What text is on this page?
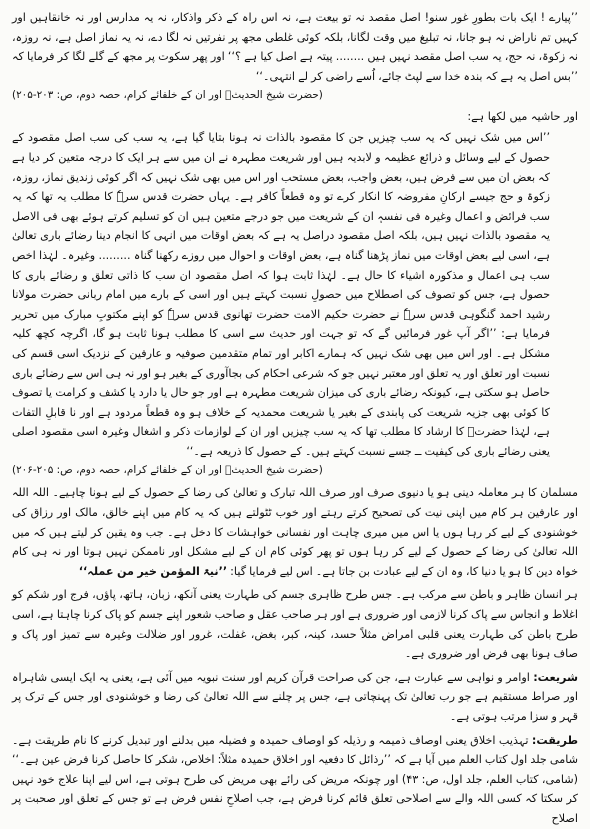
’’پیارے ! ایک بات بطورِ غور سنو! اصل مقصد نہ تو بیعت ہے، نہ اس راہ کے ذکر واذکار، نہ یہ مدارس اور نہ خانقاہیں اور کہیں تم ناراض نہ ہو جانا، نہ تبلیغ میں وقت لگانا، بلکہ کوئی غلطی مجھ پر نفرتیں نہ لگا دے، نہ یہ نماز اصل ہے، نہ روزہ، نہ زکوۃ، نہ حج، یہ سب اصل مقصد نہیں ہیں ........ پیتہ ہے اصل کیا ہے ؟‘‘ اور پھر سکوت پر مجھ کے گلے لگا کر فرمایا کہ ’’بس اصل یہ ہے کہ بندہ خدا سے لپٹ جائے، اُسے راضی کر لے انتہی۔‘‘

(حضرت شیخ الحدیثؒ اور ان کے خلفائے کرام، حصہ دوم، ص: ۲۰۳-۲۰۵)

اور حاشیہ میں لکھا ہے:

’’اس میں شک نہیں کہ یہ سب چیزیں جن کا مقصود بالذات نہ ہونا بتایا گیا ہے، یہ سب کی سب اصل مقصود کے حصول کے لیے وسائل و ذرائع عظیمہ و لابدیہ ہیں اور شریعت مطہرہ نے ان میں سے ہر ایک کا درجہ متعین کر دیا ہے کہ بعض ان میں سے فرض ہیں، بعض واجب، بعض مستحب اور اس میں بھی شک نہیں کہ اگر کوئی زندیق نماز، روزہ، زکوۃ و حج جیسے ارکانِ مفروضہ کا انکار کرے تو وہ قطعاً کافر ہے۔ یہاں حضرت قدس سرہٗ کا مطلب یہ تھا کہ یہ سب فرائض و اعمال وغیرہ فی نفسہٖ ان کے شریعت میں جو درجے متعین ہیں ان کو تسلیم کرتے ہوئے بھی فی الاصل یہ مقصود بالذات نہیں ہیں، بلکہ اصل مقصود دراصل یہ ہے کہ بعض اوقات میں انہی کا انجام دینا رضائے باری تعالیٰ ہے، اسی لیے بعض اوقات میں نماز پڑھنا گناہ ہے، بعض اوقات و احوال میں روزے رکھنا گناہ ......... وغیرہ۔ لہٰذا اخص سب ہی اعمال و مذکورہ اشیاء کا حال ہے۔ لہٰذا ثابت ہوا کہ اصل مقصود ان سب کا ذاتی تعلق و رضائے باری کا حصول ہے، جس کو تصوف کی اصطلاح میں حصولِ نسبت کہتے ہیں اور اسی کے بارے میں امام ربانی حضرت مولانا رشید احمد گنگوہی قدس سرہٗ نے حضرت حکیم الامت حضرت تھانوی قدس سرہٗ کو اپنے مکتوبِ مبارک میں تحریر فرمایا ہے: ’’اگر آپ غور فرمائیں گے کہ تو جہت اور حدیث سے اسی کا مطلب ہونا ثابت ہو گا، اگرچہ کچھ کلیہ مشکل ہے۔ اور اس میں بھی شک نہیں کہ ہمارے اکابر اور تمام متقدمین صوفیہ و عارفین کے نزدیک اسی قسم کی نسبت اور تعلق اور یہ تعلق اور معتبر نہیں جو کہ شرعی احکام کی بجاآوری کے بغیر ہو اور نہ ہی اس سے رضائے باری حاصل ہو سکتی ہے، کیونکہ رضائے باری کی میزان شریعت مطہرہ ہے اور جو حال یا دارد یا کشف و کرامت یا تصوف کا کوئی بھی جزیہ شریعت کی پابندی کے بغیر یا شریعت محمدیہ کے خلاف ہو وہ قطعاً مردود ہے اور نا قابلِ التفات ہے، لہٰذا حضرتؒ کا ارشاد کا مطلب تھا کہ یہ سب چیزیں اور ان کے لوازمات ذکر و اشغال وغیرہ اسی مقصود اصلی یعنی رضائے باری کی کیفیت ــ جسے نسبت کہتے ہیں۔ کے حصول کا ذریعہ ہے۔‘‘

(حضرت شیخ الحدیثؒ اور ان کے خلفائے کرام، حصہ دوم، ص: ۲۰۵-۲۰۶)

مسلمان کا ہر معاملہ دینی ہو یا دنیوی صرف اور صرف اللہ تبارک و تعالیٰ کی رضا کے حصول کے لیے ہونا چاہیے۔ اللہ اللہ اور عارفین ہر کام میں اپنی نیت کی تصحیح کرتے رہتے اور خوب ٹٹولتے ہیں کہ یہ کام میں اپنے خالق، مالک اور رزاق کی خوشنودی کے لیے کر رہا ہوں یا اس میں میری چاہت اور نفسانی خواہشات کا دخل ہے۔ جب وہ یقین کر لیتے ہیں کہ میں اللہ تعالیٰ کی رضا کے حصول کے لیے کر رہا ہوں تو پھر کوئی کام ان کے لیے مشکل اور ناممکن نہیں ہوتا اور نہ ہی کام خواہ دین کا ہو یا دنیا کا، وہ ان کے لیے عبادت بن جاتا ہے۔ اس لیے فرمایا گیا: ’’نیۃ المؤمن خیر من عملہ‘‘

ہر انسان ظاہر و باطن سے مرکب ہے۔ جس طرح ظاہری جسم کی طہارت یعنی آنکھ، زبان، ہاتھ، پاؤں، فرج اور شکم کو اغلاط و انجاس سے پاک کرنا لازمی اور ضروری ہے اور ہر صاحب عقل و صاحب شعور اپنے جسم کو پاک کرنا چاہتا ہے، اسی طرح باطن کی طہارت یعنی قلبی امراض مثلاً حسد، کینہ، کبر، بغض، غفلت، غرور اور ضلالت وغیرہ سے تمیز اور پاک و صاف ہونا بھی فرض اور ضروری ہے۔

شریعت: اوامر و نواہی سے عبارت ہے، جن کی صراحت قرآن کریم اور سنت نبویہ میں آئی ہے، یعنی یہ ایک ایسی شاہراہ اور صراط مستقیم ہے جو رب تعالیٰ تک پہنچاتی ہے، جس پر چلنے سے اللہ تعالیٰ کی رضا و خوشنودی اور جس کے ترک پر قہر و سزا مرتب ہوتی ہے۔

طریقت: تہذیب اخلاق یعنی اوصاف ذمیمہ و رذیلہ کو اوصاف حمیدہ و فضیلہ میں بدلنے اور تبدیل کرنے کا نام طریقت ہے۔ شامی جلد اول کتاب العلم میں آیا ہے کہ ’’رذائل کا دفعیہ اور اخلاق حمیدہ مثلاً: اخلاص، شکر کا حاصل کرنا فرض عین ہے۔‘‘ (شامی، کتاب العلم، جلد اول، ص: ۴۳) اور چونکہ مریض کی رائے بھی مریض کی طرح ہوتی ہے، اس لیے اپنا علاج خود نہیں کر سکتا کہ کسی اللہ والے سے اصلاحی تعلق قائم کرنا فرض ہے، جب اصلاحِ نفس فرض ہے تو جس کے تعلق اور صحبت پر اصلاح
